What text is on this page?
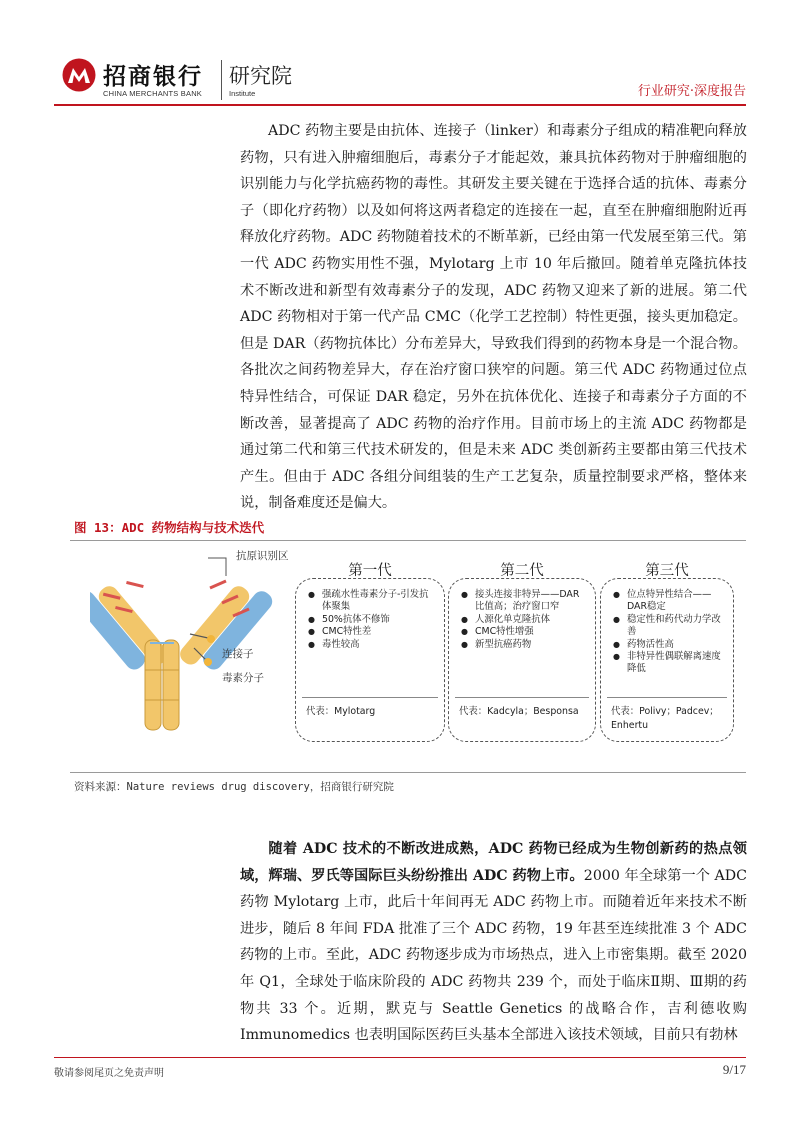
招商银行
CHINA MERCHANTS BANK
研究院
Institute	行业研究·深度报告
ADC 药物主要是由抗体、连接子（linker）和毒素分子组成的精准靶向释放药物，只有进入肿瘤细胞后，毒素分子才能起效，兼具抗体药物对于肿瘤细胞的识别能力与化学抗癌药物的毒性。其研发主要关键在于选择合适的抗体、毒素分子（即化疗药物）以及如何将这两者稳定的连接在一起，直至在肿瘤细胞附近再释放化疗药物。ADC 药物随着技术的不断革新，已经由第一代发展至第三代。第一代 ADC 药物实用性不强，Mylotarg 上市 10 年后撤回。随着单克隆抗体技术不断改进和新型有效毒素分子的发现，ADC 药物又迎来了新的进展。第二代 ADC 药物相对于第一代产品 CMC（化学工艺控制）特性更强，接头更加稳定。但是 DAR（药物抗体比）分布差异大，导致我们得到的药物本身是一个混合物。各批次之间药物差异大，存在治疗窗口狭窄的问题。第三代 ADC 药物通过位点特异性结合，可保证 DAR 稳定，另外在抗体优化、连接子和毒素分子方面的不断改善，显著提高了 ADC 药物的治疗作用。目前市场上的主流 ADC 药物都是通过第二代和第三代技术研发的，但是未来 ADC 类创新药主要都由第三代技术产生。但由于 ADC 各组分间组装的生产工艺复杂，质量控制要求严格，整体来说，制备难度还是偏大。
图 13：ADC 药物结构与技术迭代
抗原识别区
连接子
毒素分子
第一代
● 强疏水性毒素分子-引发抗体聚集
● 50%抗体不修饰
● CMC特性差
● 毒性较高
代表：Mylotarg
第二代
● 接头连接非特异——DAR比值高；治疗窗口窄
● 人源化单克隆抗体
● CMC特性增强
● 新型抗癌药物
代表：Kadcyla；Besponsa
第三代
● 位点特异性结合——DAR稳定
● 稳定性和药代动力学改善
● 药物活性高
● 非特异性偶联解离速度降低
代表：Polivy；Padcev；Enhertu
资料来源：Nature reviews drug discovery，招商银行研究院
随着 ADC 技术的不断改进成熟，ADC 药物已经成为生物创新药的热点领域，辉瑞、罗氏等国际巨头纷纷推出 ADC 药物上市。2000 年全球第一个 ADC 药物 Mylotarg 上市，此后十年间再无 ADC 药物上市。而随着近年来技术不断进步，随后 8 年间 FDA 批准了三个 ADC 药物，19 年甚至连续批准 3 个 ADC 药物的上市。至此，ADC 药物逐步成为市场热点，进入上市密集期。截至 2020 年 Q1，全球处于临床阶段的 ADC 药物共 239 个，而处于临床Ⅱ期、Ⅲ期的药物共 33 个。近期，默克与 Seattle Genetics 的战略合作，吉利德收购 Immunomedics 也表明国际医药巨头基本全部进入该技术领域，目前只有勃林
敬请参阅尾页之免责声明	9/17
